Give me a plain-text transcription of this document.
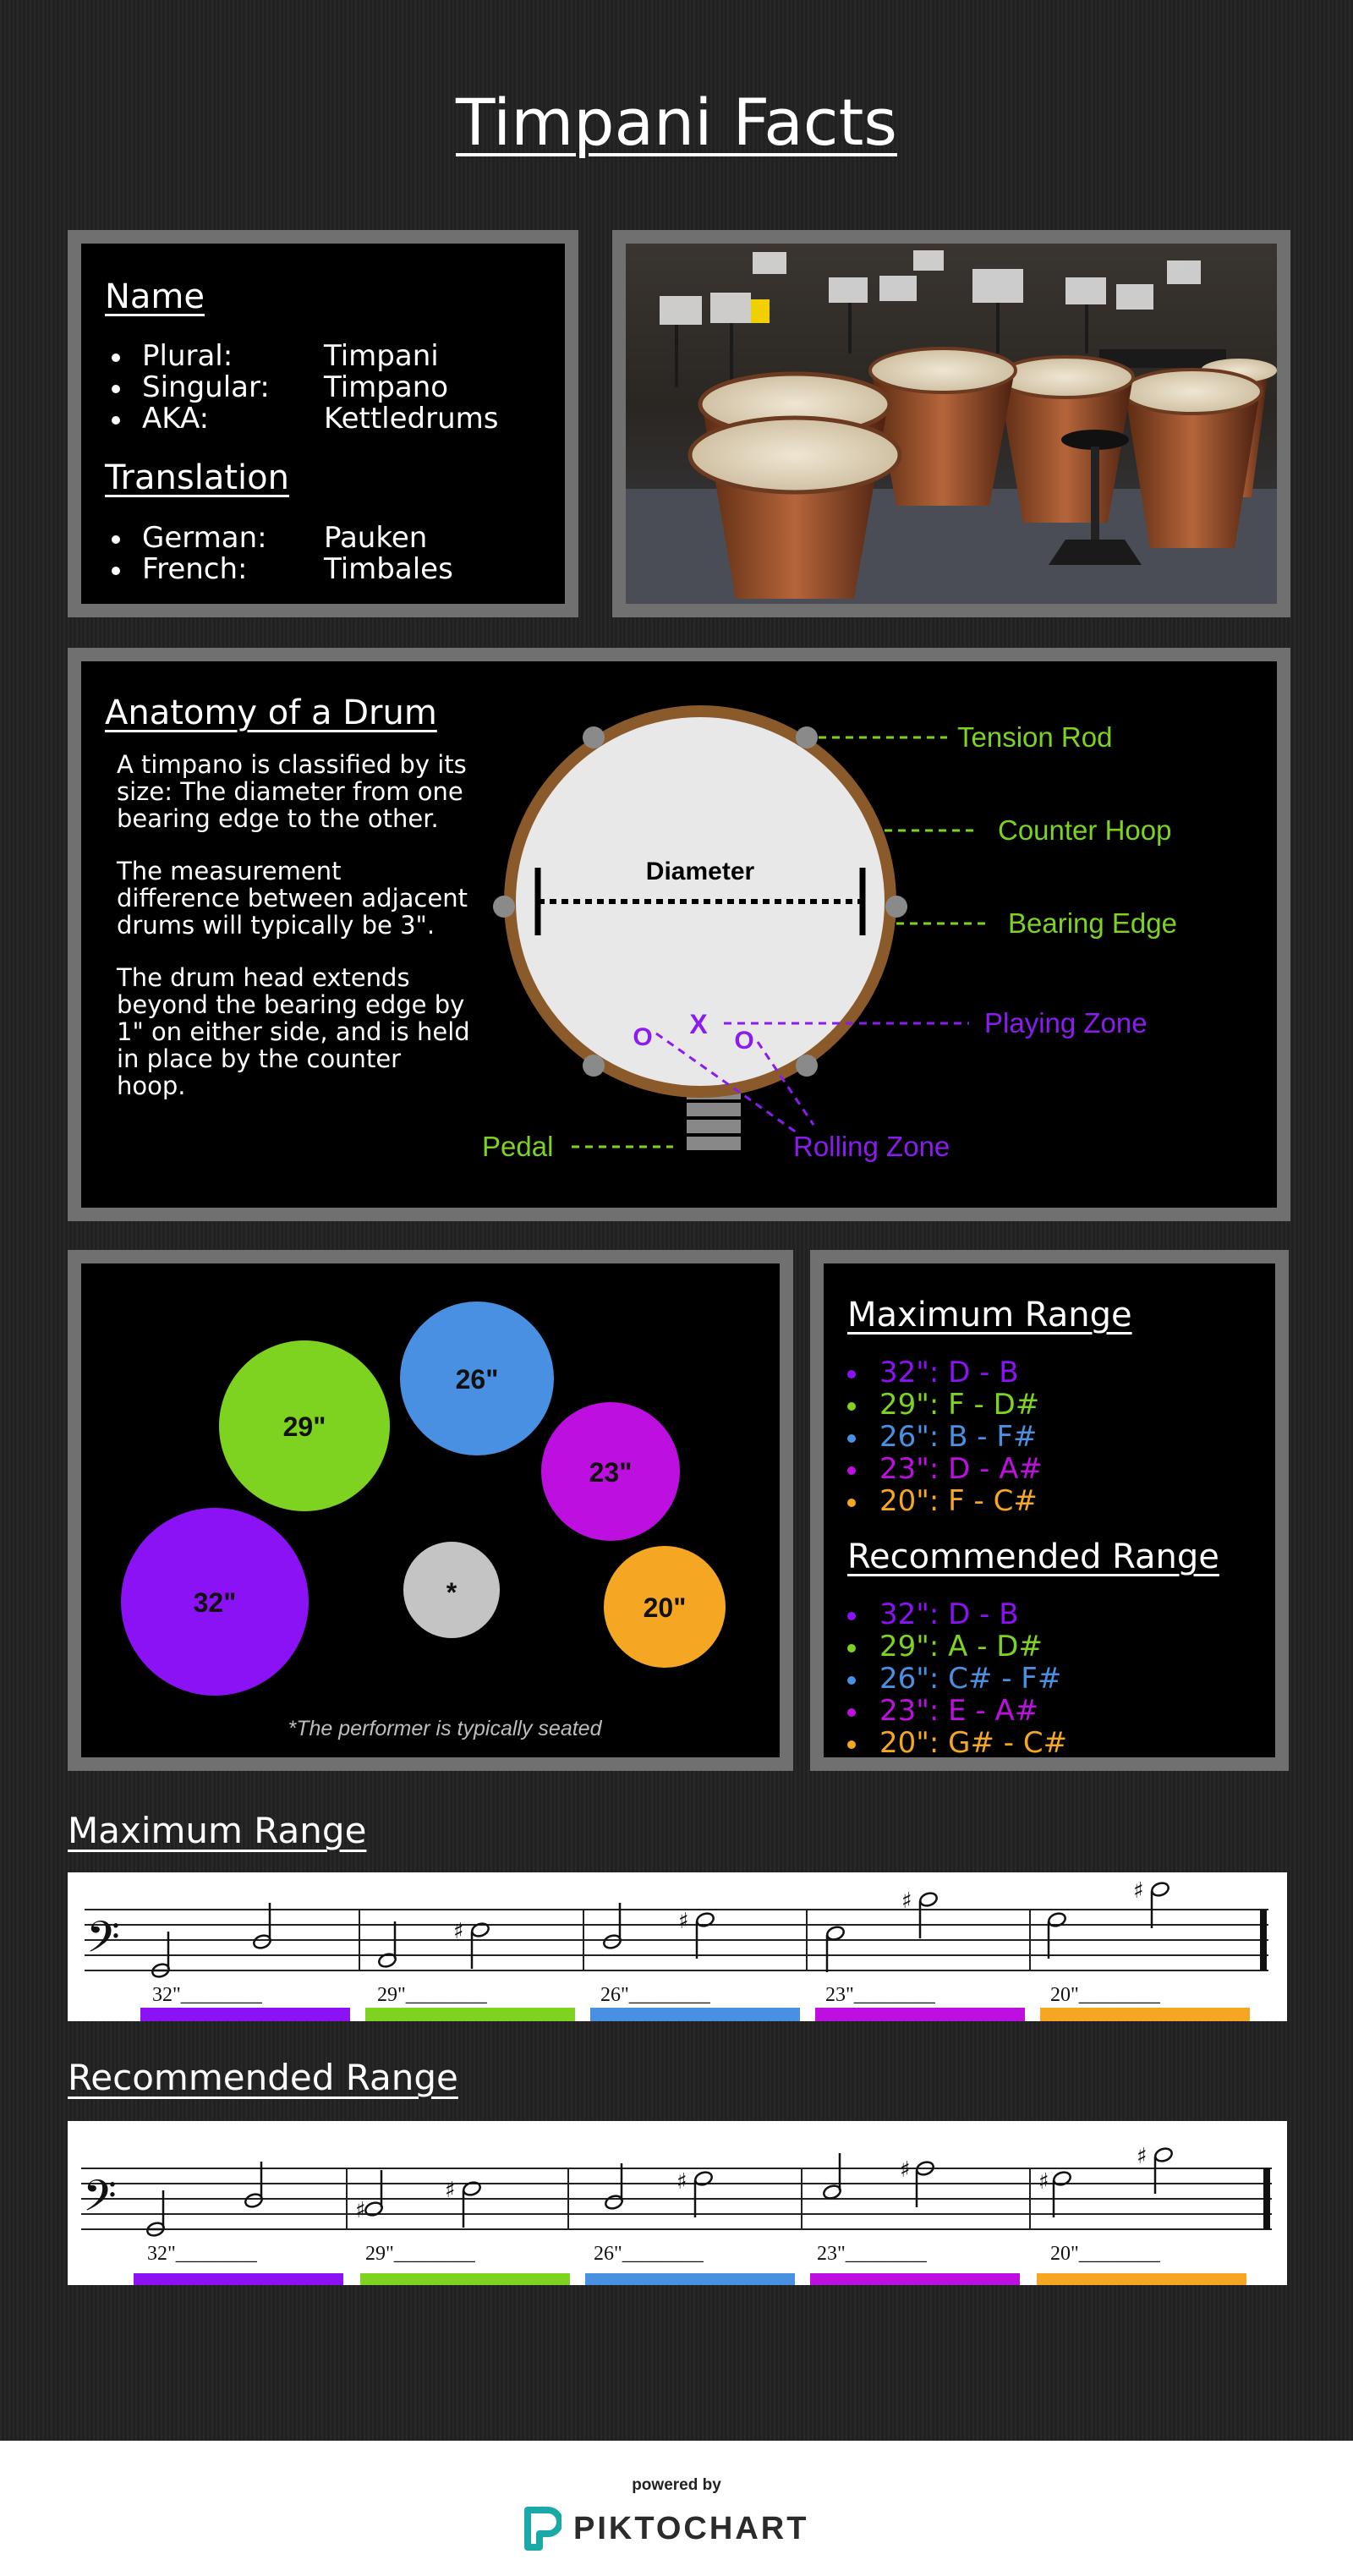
Timpani Facts
Name
Plural:	Timpani
Singular: Timpano
AKA:	Kettledrums
Translation
German: Pauken
French:	Timbales
Anatomy of a Drum

A timpano is classified by its size: The diameter from one bearing edge to the other.

The measurement difference between adjacent drums will typically be 3".

The drum head extends beyond the bearing edge by 1" on either side, and is held in place by the counter hoop.

Diameter
Tension Rod
Counter Hoop
Bearing Edge
Pedal
X
O	O
Playing Zone
Rolling Zone
29"
26"
23"
32"	*	20"
*The performer is typically seated
Maximum Range
32": D - B
29": F - D#
26": B - F#
23": D - A#
20": F - C#
Recommended Range
32": D - B
29": A - D#
26": C# - F#
23": E - A#
20": G# - C#
Maximum Range
𝄢	♯	♯
♯	♯
32"________	29"________	26"________	23"________	20"________
Recommended Range
𝄢	♯
♯
♯	♯	♯
♯
32"________	29"________	26"________	23"________	20"________
powered by
PIKTOCHART
